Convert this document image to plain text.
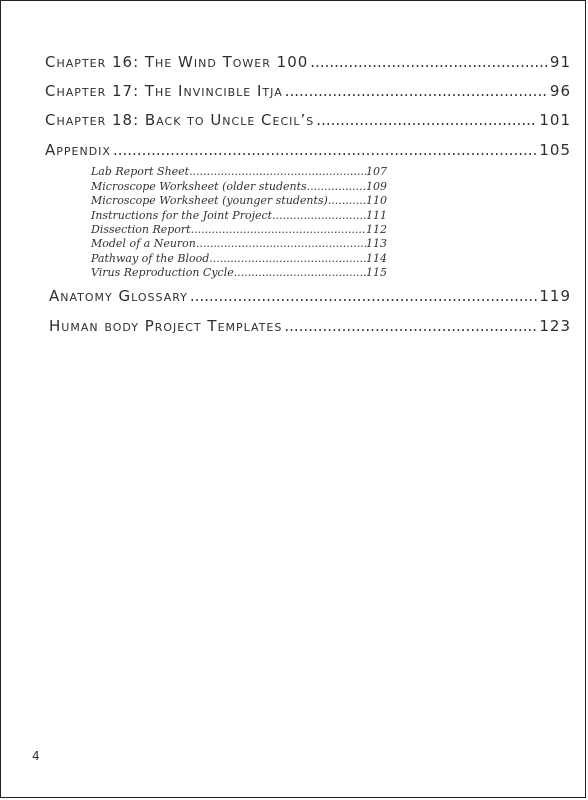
Chapter 16: The Wind Tower 100 .....	91
Chapter 17: The Invincible Itja .....	96
Chapter 18: Back to Uncle Cecil’s .....	101
Appendix .....	105
Lab Report Sheet .....	107
Microscope Worksheet (older students .....	109
Microscope Worksheet (younger students) .....	110
Instructions for the Joint Project .....	111
Dissection Report .....	112
Model of a Neuron .....	113
Pathway of the Blood .....	114
Virus Reproduction Cycle .....	115
Anatomy Glossary .....	119
Human body Project Templates .....	123
4
